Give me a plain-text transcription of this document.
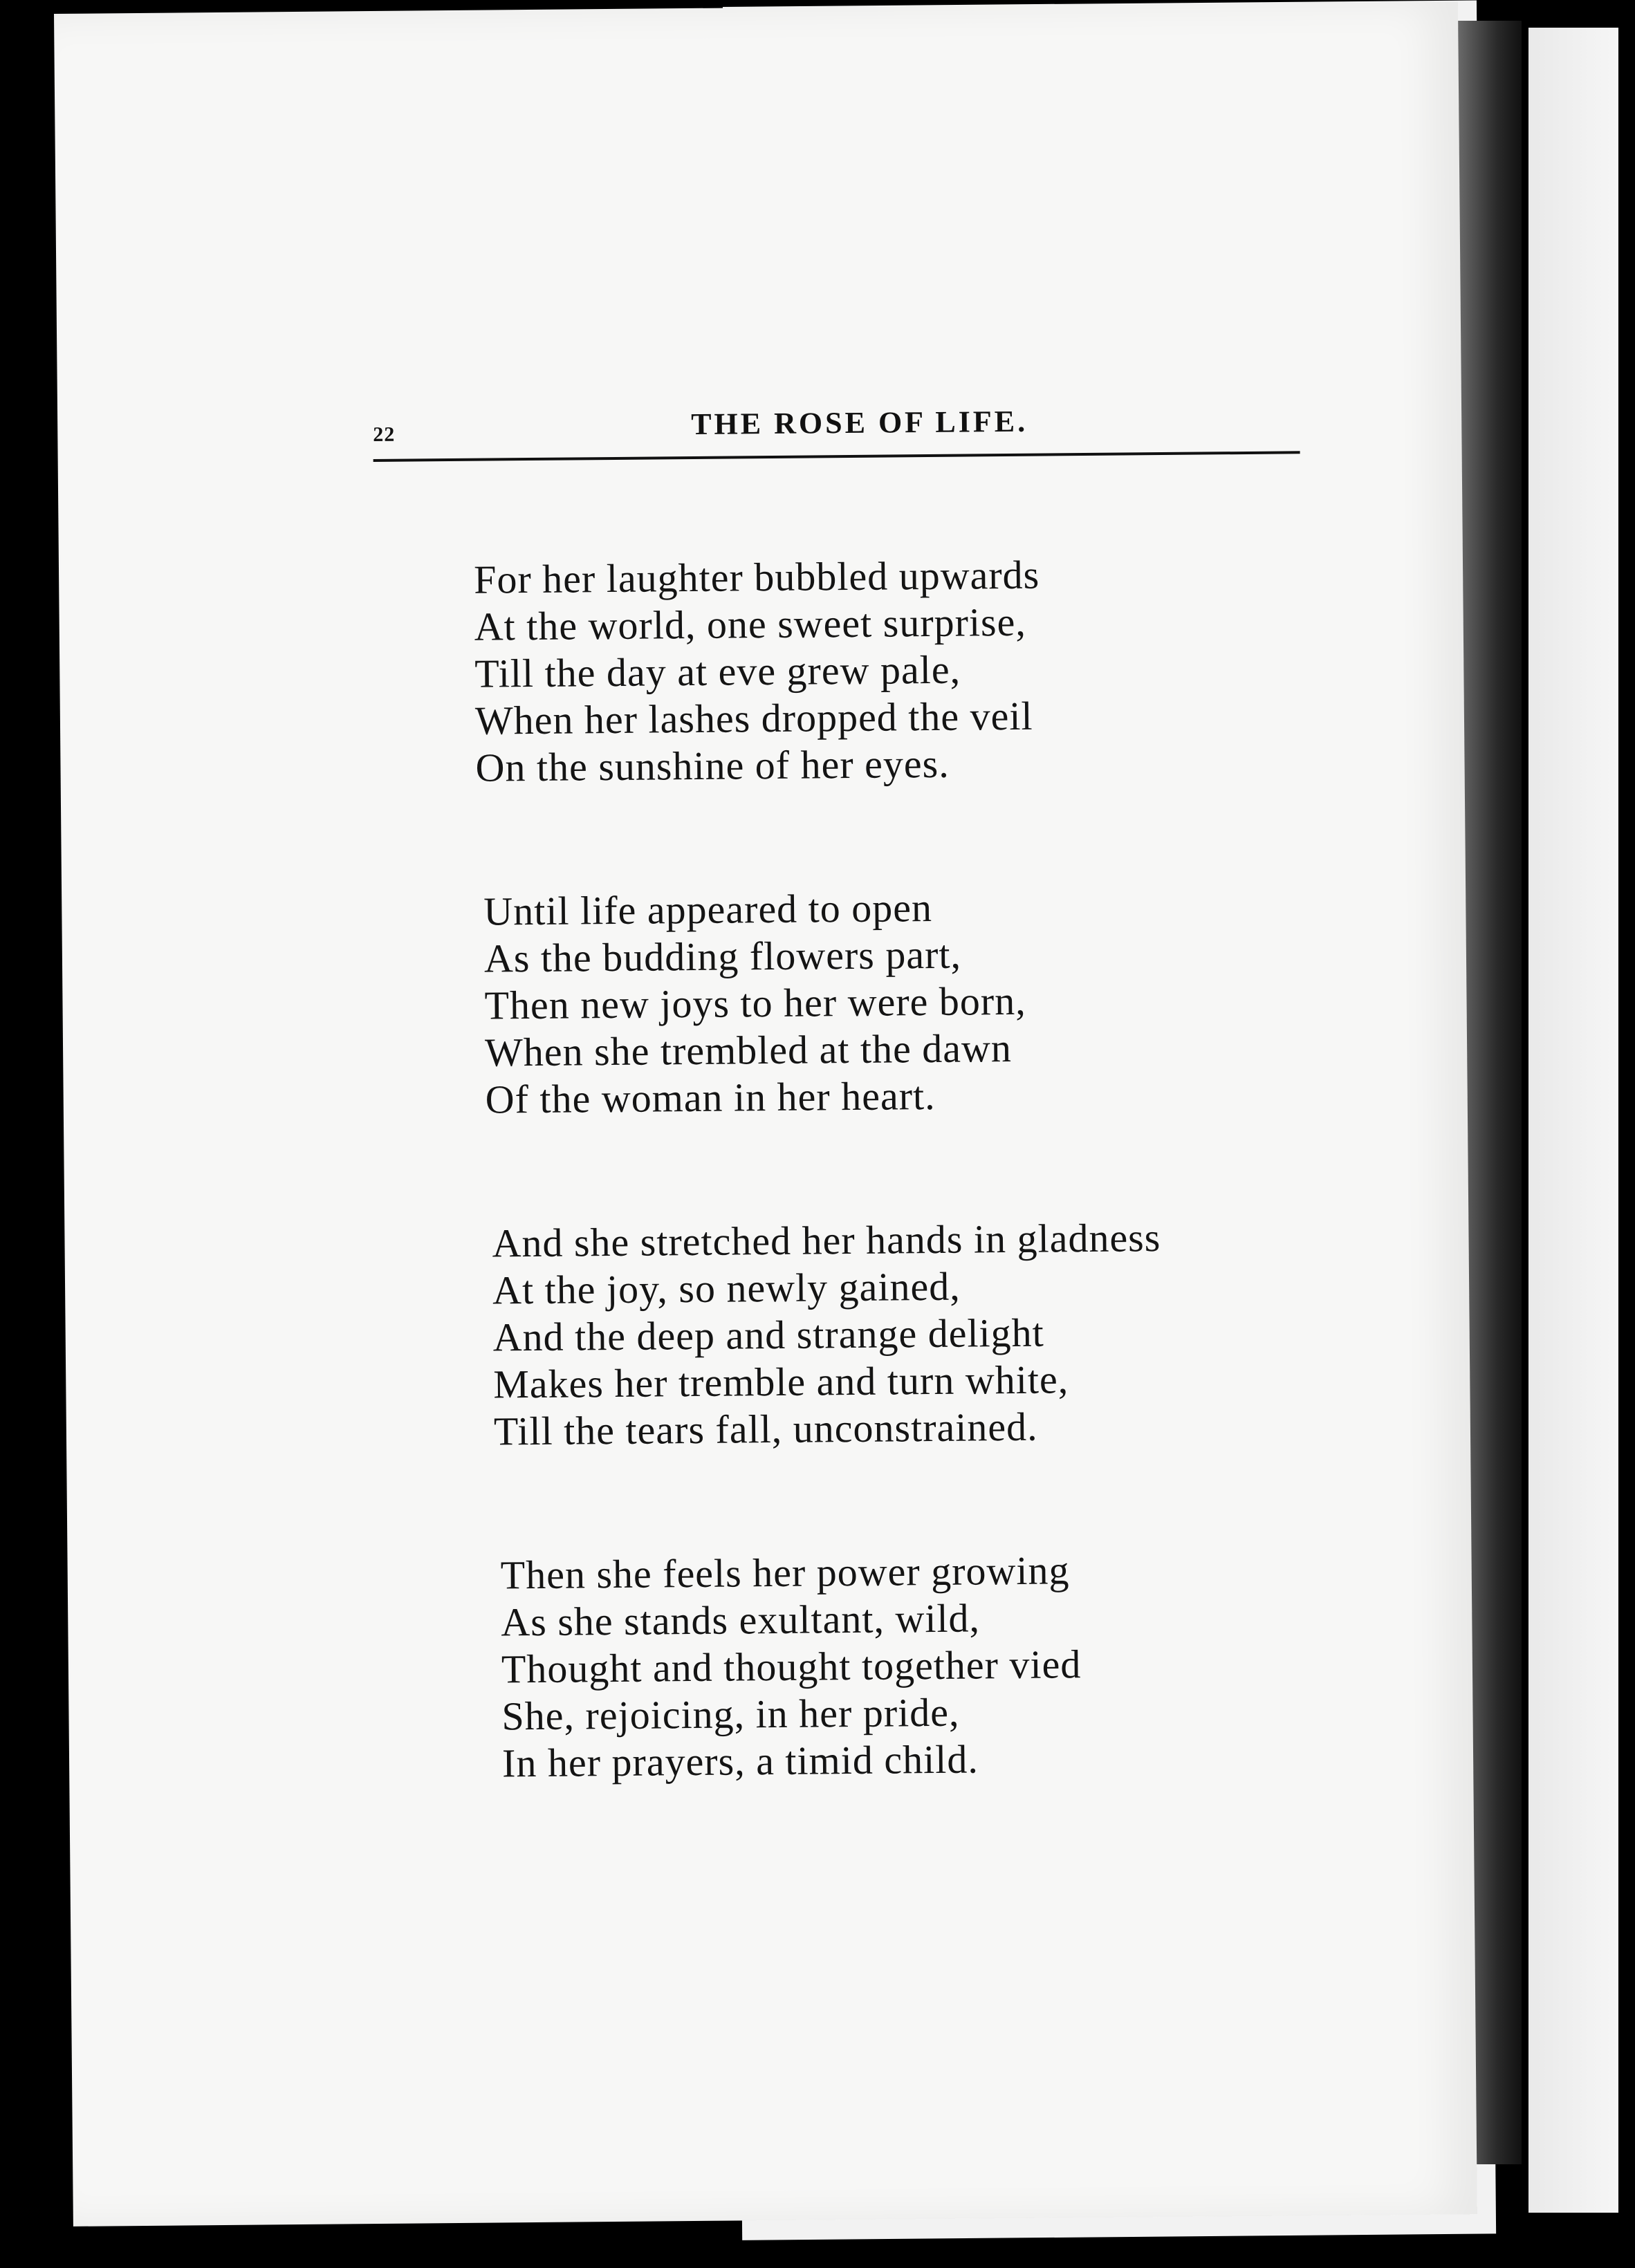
22	THE ROSE OF LIFE.
For her laughter bubbled upwards
At the world, one sweet surprise,
Till the day at eve grew pale,
When her lashes dropped the veil
On the sunshine of her eyes.
Until life appeared to open
As the budding flowers part,
Then new joys to her were born,
When she trembled at the dawn
Of the woman in her heart.
And she stretched her hands in gladness
At the joy, so newly gained,
And the deep and strange delight
Makes her tremble and turn white,
Till the tears fall, unconstrained.
Then she feels her power growing
As she stands exultant, wild,
Thought and thought together vied
She, rejoicing, in her pride,
In her prayers, a timid child.
